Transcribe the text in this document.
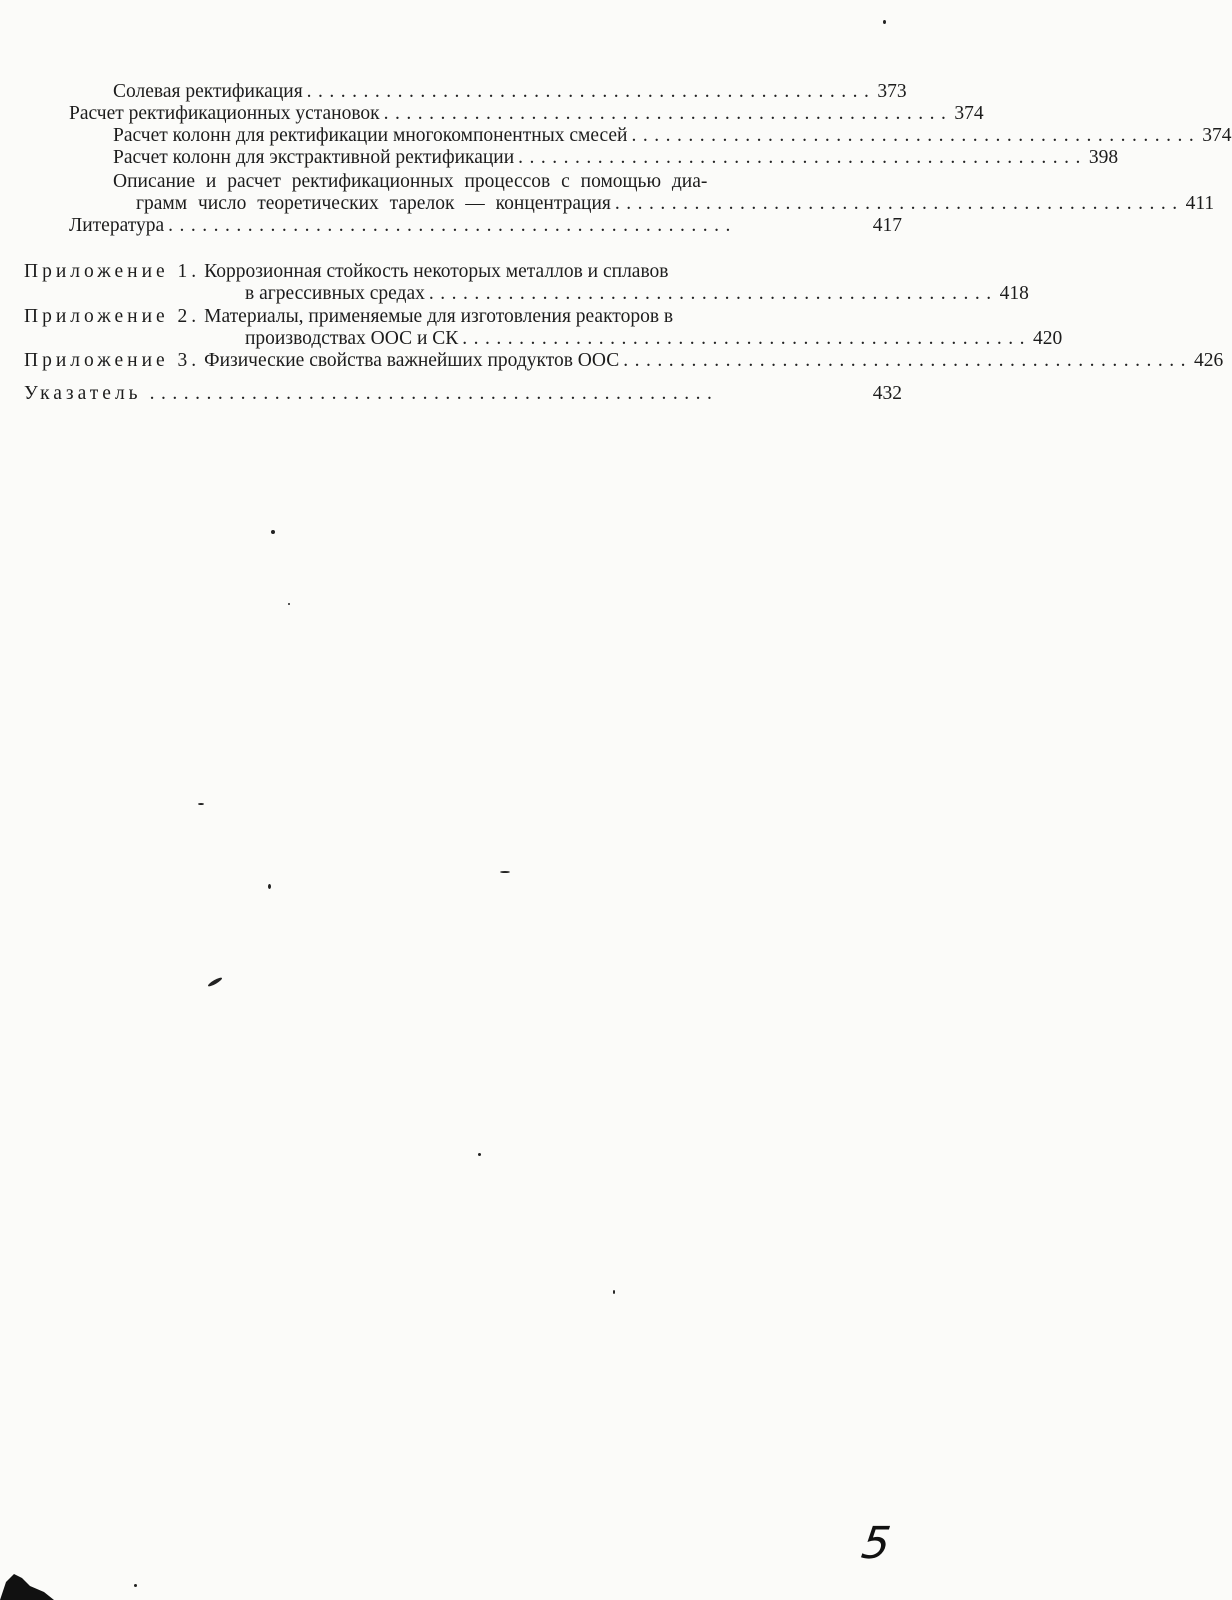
Солевая ректификация .................................................. 373
Расчет ректификационных установок .................................................. 374
Расчет колонн для ректификации многокомпонентных смесей .................................................. 374
Расчет колонн для экстрактивной ректификации .................................................. 398
Описание и расчет ректификационных процессов с помощью диа-
грамм число теоретических тарелок — концентрация .................................................. 411
Литература ..................................................	417
Приложение 1. Коррозионная стойкость некоторых металлов и сплавов
в агрессивных средах .................................................. 418
Приложение 2. Материалы, применяемые для изготовления реакторов в
производствах ООС и СК .................................................. 420
Приложение 3. Физические свойства важнейших продуктов ООС .................................................. 426
Указатель ..................................................	432
5
